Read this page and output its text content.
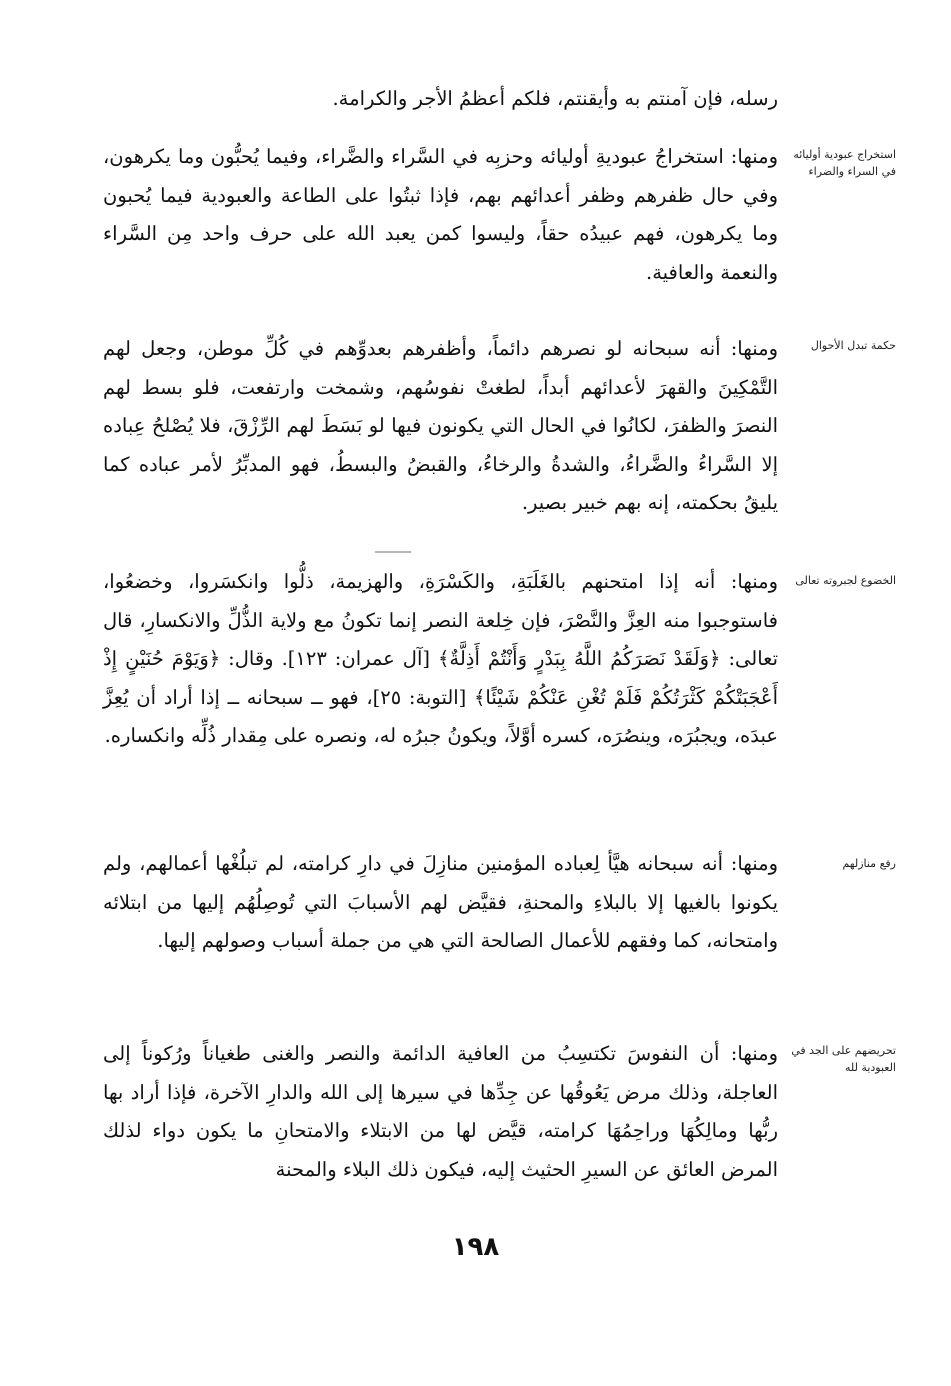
رسله، فإن آمنتم به وأيقنتم، فلكم أعظمُ الأجر والكرامة.

استخراج عبودية أوليائه في السراء والضراء

ومنها: استخراجُ عبوديةِ أوليائه وحزبِه في السَّراء والضَّراء، وفيما يُحبُّون وما يكرهون، وفي حال ظفرهم وظفر أعدائهم بهم، فإذا ثبتُوا على الطاعة والعبودية فيما يُحبون وما يكرهون، فهم عبيدُه حقاً، وليسوا كمن يعبد الله على حرف واحد مِن السَّراء والنعمة والعافية.

حكمة تبدل الأحوال

ومنها: أنه سبحانه لو نصرهم دائماً، وأظفرهم بعدوِّهم في كُلِّ موطن، وجعل لهم التَّمْكِينَ والقهرَ لأعدائهم أبداً، لطغتْ نفوسُهم، وشمخت وارتفعت، فلو بسط لهم النصرَ والظفرَ، لكانُوا في الحال التي يكونون فيها لو بَسَطَ لهم الرِّزْقَ، فلا يُصْلحُ عِباده إلا السَّراءُ والضَّراءُ، والشدةُ والرخاءُ، والقبضُ والبسطُ، فهو المدبِّرُ لأمر عباده كما يليقُ بحكمته، إنه بهم خبير بصير.

الخضوع لجبروته تعالى

ومنها: أنه إذا امتحنهم بالغَلَبَةِ، والكَسْرَةِ، والهزيمة، ذلُّوا وانكسَروا، وخضعُوا، فاستوجبوا منه العِزَّ والنَّصْرَ، فإن خِلعة النصر إنما تكونُ مع ولاية الذُّلِّ والانكسارِ، قال تعالى: ﴿وَلَقَدْ نَصَرَكُمُ اللَّهُ بِبَدْرٍ وَأَنْتُمْ أَذِلَّةٌ﴾ [آل عمران: ١٢٣]. وقال: ﴿وَيَوْمَ حُنَيْنٍ إِذْ أَعْجَبَتْكُمْ كَثْرَتُكُمْ فَلَمْ تُغْنِ عَنْكُمْ شَيْئًا﴾ [التوبة: ٢٥]، فهو ــ سبحانه ــ إذا أراد أن يُعِزَّ عبدَه، ويجبُرَه، وينصُرَه، كسره أوَّلاً، ويكونُ جبرُه له، ونصره على مِقدار ذُلِّه وانكساره.

رفع منازلهم

ومنها: أنه سبحانه هيَّأ لِعباده المؤمنين منازِلَ في دارِ كرامته، لم تبلُغْها أعمالهم، ولم يكونوا بالغيها إلا بالبلاءِ والمحنةِ، فقيَّض لهم الأسبابَ التي تُوصِلُهُم إليها من ابتلائه وامتحانه، كما وفقهم للأعمال الصالحة التي هي من جملة أسباب وصولهم إليها.

تحريضهم على الجد في العبودية لله

ومنها: أن النفوسَ تكتسِبُ من العافية الدائمة والنصر والغنى طغياناً ورُكوناً إلى العاجلة، وذلك مرض يَعُوقُها عن جِدِّها في سيرها إلى الله والدارِ الآخرة، فإذا أراد بها ربُّها ومالِكُهَا وراحِمُهَا كرامته، قيَّض لها من الابتلاء والامتحانِ ما يكون دواء لذلك المرض العائق عن السيرِ الحثيث إليه، فيكون ذلك البلاء والمحنة

١٩٨
